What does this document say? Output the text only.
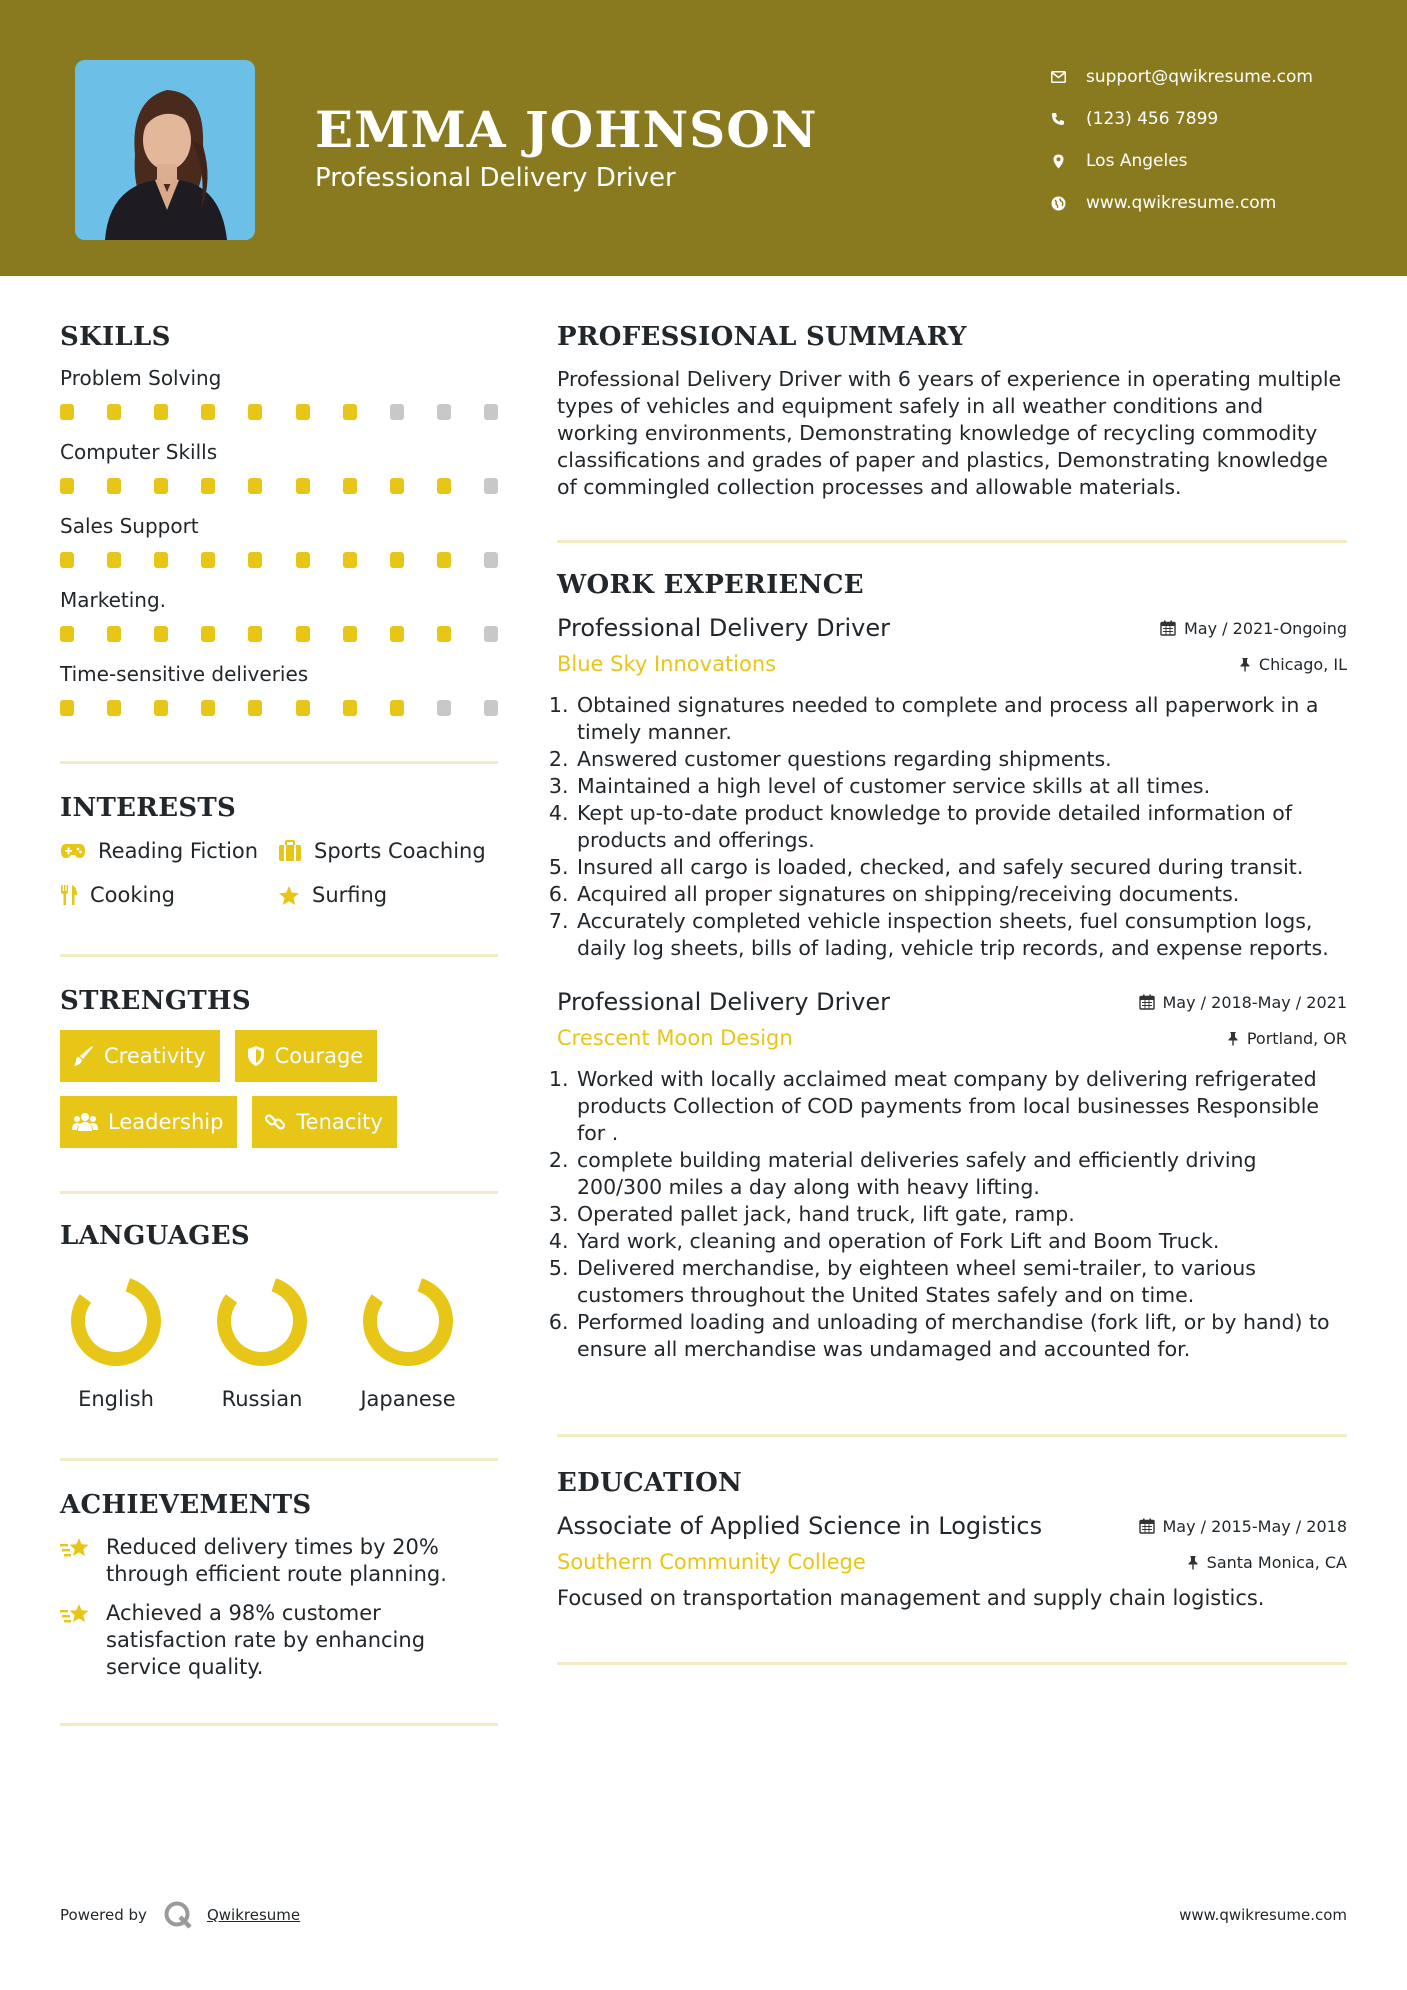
EMMA JOHNSON
Professional Delivery Driver
support@qwikresume.com
(123) 456 7899
Los Angeles
www.qwikresume.com
SKILLS
Problem Solving
Computer Skills
Sales Support
Marketing.
Time-sensitive deliveries
INTERESTS
Reading Fiction	Sports Coaching
Cooking	Surfing
STRENGTHS
Creativity	Courage
Leadership	Tenacity
LANGUAGES
English	Russian	Japanese
ACHIEVEMENTS
Reduced delivery times by 20% through efficient route planning.
Achieved a 98% customer satisfaction rate by enhancing service quality.
PROFESSIONAL SUMMARY
Professional Delivery Driver with 6 years of experience in operating multiple types of vehicles and equipment safely in all weather conditions and working environments, Demonstrating knowledge of recycling commodity classifications and grades of paper and plastics, Demonstrating knowledge of commingled collection processes and allowable materials.
WORK EXPERIENCE
Professional Delivery Driver	May / 2021-Ongoing
Blue Sky Innovations	Chicago, IL
1. Obtained signatures needed to complete and process all paperwork in a timely manner.
2. Answered customer questions regarding shipments.
3. Maintained a high level of customer service skills at all times.
4. Kept up-to-date product knowledge to provide detailed information of products and offerings.
5. Insured all cargo is loaded, checked, and safely secured during transit.
6. Acquired all proper signatures on shipping/receiving documents.
7. Accurately completed vehicle inspection sheets, fuel consumption logs, daily log sheets, bills of lading, vehicle trip records, and expense reports.
Professional Delivery Driver	May / 2018-May / 2021
Crescent Moon Design	Portland, OR
1. Worked with locally acclaimed meat company by delivering refrigerated products Collection of COD payments from local businesses Responsible for .
2. complete building material deliveries safely and efficiently driving 200/300 miles a day along with heavy lifting.
3. Operated pallet jack, hand truck, lift gate, ramp.
4. Yard work, cleaning and operation of Fork Lift and Boom Truck.
5. Delivered merchandise, by eighteen wheel semi-trailer, to various customers throughout the United States safely and on time.
6. Performed loading and unloading of merchandise (fork lift, or by hand) to ensure all merchandise was undamaged and accounted for.
EDUCATION
Associate of Applied Science in Logistics	May / 2015-May / 2018
Southern Community College	Santa Monica, CA
Focused on transportation management and supply chain logistics.
Powered by	Qwikresume	www.qwikresume.com
